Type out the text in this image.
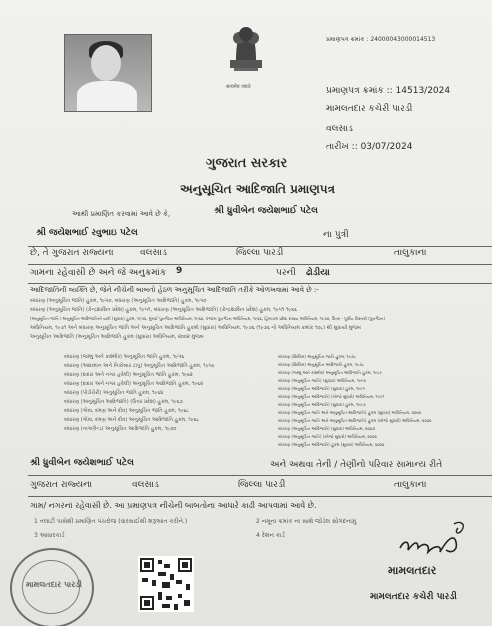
सत्यमेव जयते
પ્રમાણપત્ર ક્રમાંક : 24000043000014513
પ્રમાણપત્ર ક્રમાંક :: 14513/2024
મામલતદાર કચેરી પારડી
વલસાડ
તારીખ :: 03/07/2024
ગુજરાત સરકાર
અનુસૂચિત આદિજાતિ પ્રમાણપત્ર
આથી પ્રમાણિત કરવામાં આવે છે કે,	શ્રી ધ્રુવીબેન જયેશભાઈ પટેલ
શ્રી જયેશભાઈ રવુભાઇ પટેલ	ના પુત્રી
છે, તે ગુજરાત રાજ્યના	વલસાડ	જિલ્લા પારડી	તાલુકાના
ગામના રહેવાસી છે અને જે અનુક્રમાંક 9	પરની ઢોડીયા
આદિજાતિની વ્યક્તિ છે, જેને નીચેની બાબતો હેઠળ અનુસૂચિત આદિજાતિ તરીકે ઓળખવામાં આવે છે :-
બંધારણ (અનુસૂચિત જાતિ) હુકમ, ૧૯૫૦, બંધારણ (અનુસૂચિત આદિજાતિ) હુકમ, ૧૯૫૦
બંધારણ (અનુસૂચિત જાતિ) (કેન્દ્રશાસિત પ્રદેશ) હુકમ, ૧૯૫૧, બંધારણ (અનુસૂચિત આદિજાતિ) (કેન્દ્રશાસિત પ્રદેશ) હુકમ, ૧૯૫૧ ૧૯૬૬
(અનુસૂચિત જાતિ / અનુસૂચિત આદિજાતિની યાદી (સુધારા) હુકમ, ૧૯૫૬, મુંબઈ પુનર્ગઠન અધિનિયમ, ૧૯૬૦, પંજાબ પુનર્ગઠન અધિનિયમ, ૧૯૬૬, હિમાચલ પ્રદેશ રાજ્ય અધિનિયમ, ૧૯૭૦, ઉત્તર - પૂર્વીય વિસ્તારો (પુનર્ગઠન)
અધિનિયમ, ૧૯૭૧ અને બંધારણ અનુસૂચિત જાતિ અને અનુસૂચિત આદિજાતિ હુકમો (સુધારા) અધિનિયમ, ૧૯૭૬ (૧૯૭૬ નો અધિનિયમ ક્રમાંક ૧૦૮) થી સુધાર્યા મુજબ
અનુસૂચિત આદિજાતિ (અનુસૂચિત આદિજાતિ હુકમ (સુધારા) અધિનિયમ, ૨૦૦૨ મુજબ
બંધારણ (જમ્મુ અને કાશ્મીર) અનુસૂચિત જાતિ હુકમ, ૧૯૫૬
બંધારણ (આંદામાન અને નિકોબાર ટાપુ) અનુસૂચિત આદિજાતિ હુકમ, ૧૯૫૯
બંધારણ (દાદરા અને નગર હવેલી) અનુસૂચિત જાતિ હુકમ, ૧૯૬૨
બંધારણ (દાદરા અને નગર હવેલી) અનુસૂચિત આદિજાતિ હુકમ, ૧૯૬૨
બંધારણ (પોંડીચેરી) અનુસૂચિત જાતિ હુકમ, ૧૯૬૪
બંધારણ (અનુસૂચિત આદિજાતિ) (ઉત્તર પ્રદેશ) હુકમ, ૧૯૬૭
બંધારણ (ગોવા, દમણ અને દીવ) અનુસૂચિત જાતિ હુકમ, ૧૯૬૮
બંધારણ (ગોવા, દમણ અને દીવ) અનુસૂચિત આદિજાતિ હુકમ, ૧૯૬૮
બંધારણ (નાગાલેન્ડ) અનુસૂચિત આદિજાતિ હુકમ, ૧૯૭૦
બંધારણ (સિક્કિમ) અનુસૂચિત જાતિ હુકમ, ૧૯૭૮
બંધારણ (સિક્કિમ) અનુસૂચિત આદિજાતિ હુકમ, ૧૯૭૮
બંધારણ (જમ્મુ અને કાશ્મીર) અનુસૂચિત આદિજાતિ હુકમ, ૧૯૮૯
બંધારણ (અનુસૂચિત જાતિ) (સુધારા) અધિનિયમ, ૧૯૯૦
બંધારણ (અનુસૂચિત આદિજાતિ) (સુધારા) હુકમ, ૧૯૯૧
બંધારણ (અનુસૂચિત આદિજાતિ) (બીજો સુધારો) અધિનિયમ, ૧૯૯૧
બંધારણ (અનુસૂચિત આદિજાતિ) (સુધારા) હુકમ, ૧૯૯૭
બંધારણ (અનુસૂચિત જાતિ અને અનુસૂચિત આદિજાતિ) હુકમ (સુધારા) અધિનિયમ, ૨૦૦૨
બંધારણ (અનુસૂચિત જાતિ અને અનુસૂચિત આદિજાતિ) હુકમ (બીજો સુધારો) અધિનિયમ, ૨૦૦૨
બંધારણ (અનુસૂચિત આદિજાતિ) (સુધારા) અધિનિયમ, ૨૦૦૩
બંધારણ (અનુસૂચિત જાતિ) (બીજો સુધારો) અધિનિયમ, ૨૦૦૨
બંધારણ (અનુસૂચિત આદિજાતિ) હુકમ (સુધારા) અધિનિયમ, ૨૦૦૬
શ્રી ધ્રુવીબેન જયેશભાઈ પટેલ	અને અથવા તેની / તેણીનો પરિવાર સામાન્ય રીતે
ગુજરાત રાજ્યના	વલસાડ	જિલ્લા પારડી	તાલુકાના
ગામ/ નગરનાં રહેવાસી છે. આ પ્રમાણપત્ર નીચેની બાબતોના આધારે કાઢી આપવામાં આવે છે.
1 તલાટી પાસેથી પ્રમાણિત પંચરોજ (વારસાઈથી શરૂઆત કરીને.)	2 નમૂના ક્રમાંક ના સાથે જોડેલ સોગંદનામું
3 આધારકાર્ડ	4 રેશન કાર્ડ
મામલતદાર પારડી
મામલતદાર
મામલતદાર કચેરી પારડી
